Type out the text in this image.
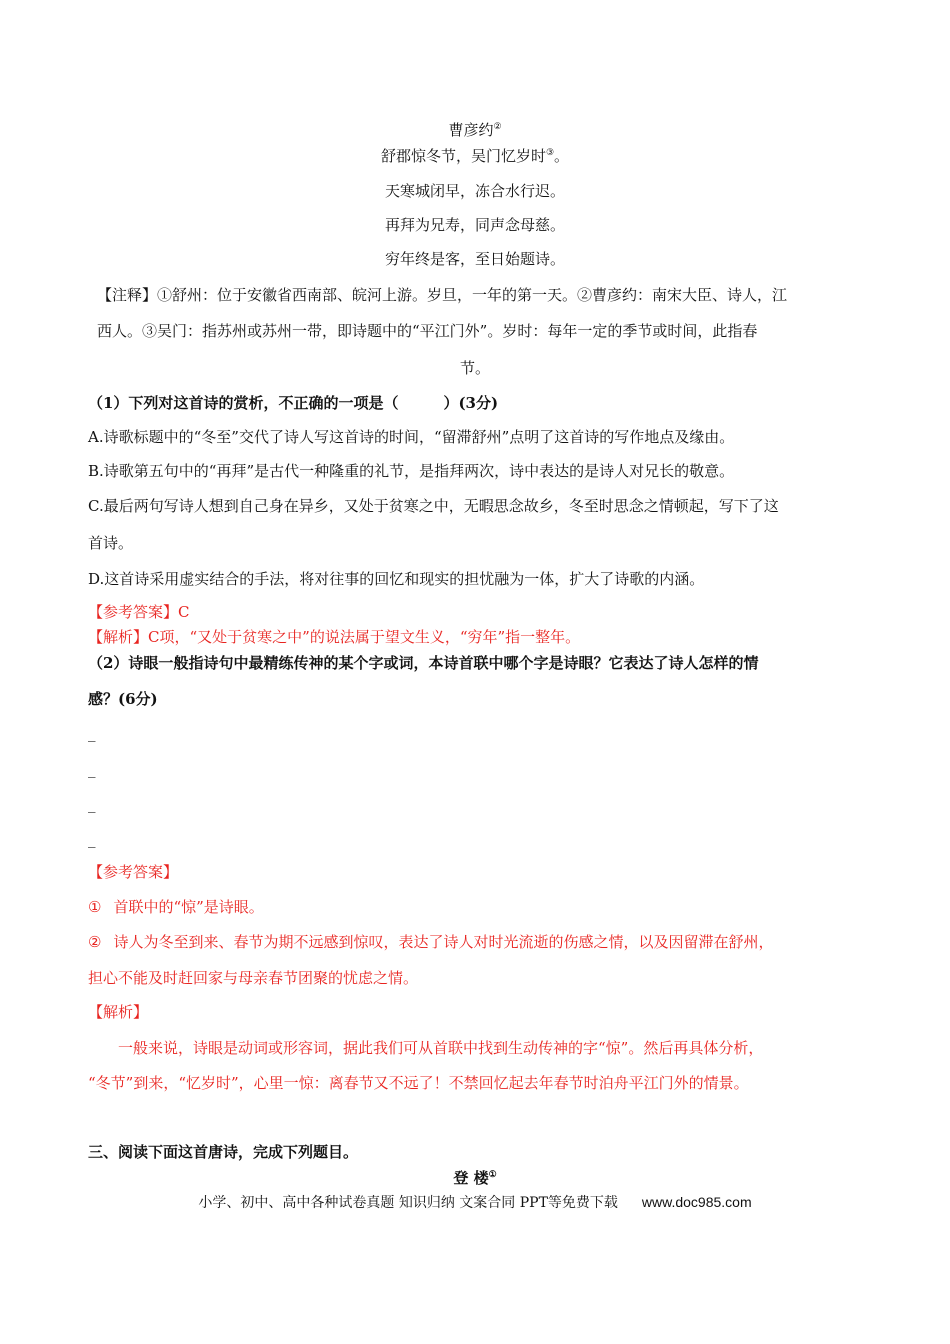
曹彦约②
舒郡惊冬节，吴门忆岁时③。
天寒城闭早，冻合水行迟。
再拜为兄寿，同声念母慈。
穷年终是客，至日始题诗。
【注释】①舒州：位于安徽省西南部、皖河上游。岁旦，一年的第一天。②曹彦约：南宋大臣、诗人，江
西人。③吴门：指苏州或苏州一带，即诗题中的“平江门外”。岁时：每年一定的季节或时间，此指春
节。
（1）下列对这首诗的赏析，不正确的一项是（　　　）(3分)
A.诗歌标题中的“冬至”交代了诗人写这首诗的时间，“留滞舒州”点明了这首诗的写作地点及缘由。
B.诗歌第五句中的“再拜”是古代一种隆重的礼节，是指拜两次，诗中表达的是诗人对兄长的敬意。
C.最后两句写诗人想到自己身在异乡，又处于贫寒之中，无暇思念故乡，冬至时思念之情顿起，写下了这
首诗。
D.这首诗采用虚实结合的手法，将对往事的回忆和现实的担忧融为一体，扩大了诗歌的内涵。
【参考答案】C
【解析】C项，“又处于贫寒之中”的说法属于望文生义，“穷年”指一整年。
（2）诗眼一般指诗句中最精练传神的某个字或词，本诗首联中哪个字是诗眼？它表达了诗人怎样的情
感？(6分)
_
_
_
_
【参考答案】
① 首联中的“惊”是诗眼。
② 诗人为冬至到来、春节为期不远感到惊叹，表达了诗人对时光流逝的伤感之情，以及因留滞在舒州，
担心不能及时赶回家与母亲春节团聚的忧虑之情。
【解析】
一般来说，诗眼是动词或形容词，据此我们可从首联中找到生动传神的字“惊”。然后再具体分析，
“冬节”到来，“忆岁时”，心里一惊：离春节又不远了！不禁回忆起去年春节时泊舟平江门外的情景。
三、阅读下面这首唐诗，完成下列题目。
登 楼①
小学、初中、高中各种试卷真题 知识归纳 文案合同 PPT等免费下载 www.doc985.com
